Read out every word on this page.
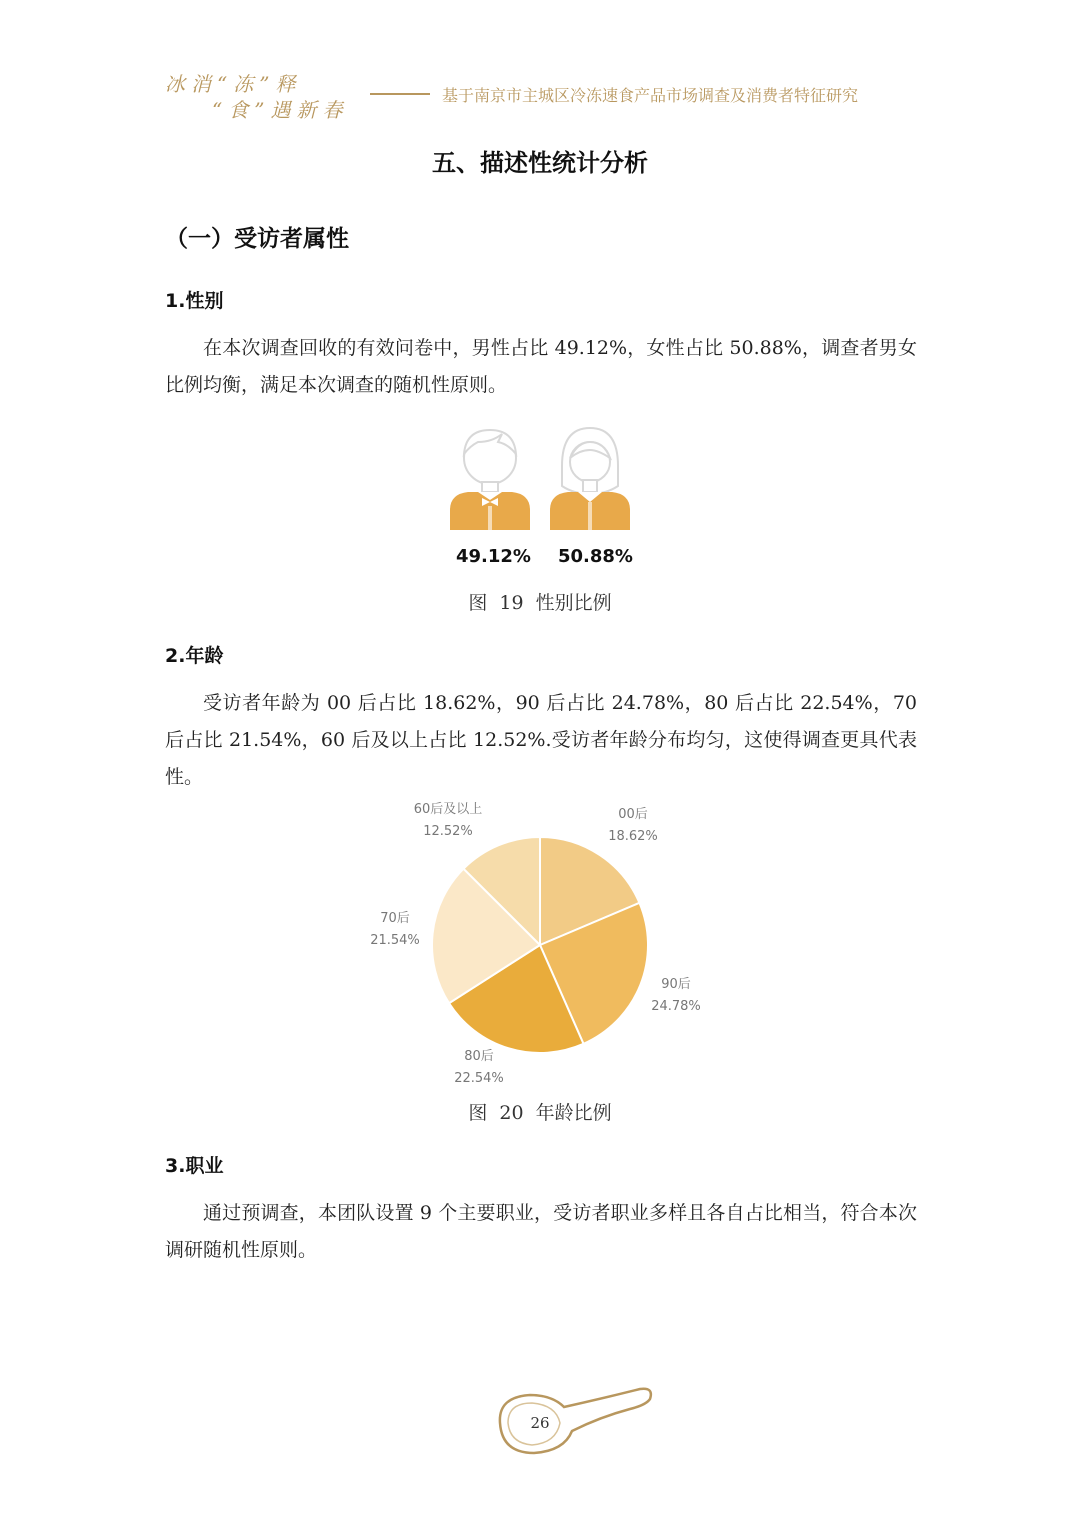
冰消“冻”释
“食”遇新春
基于南京市主城区冷冻速食产品市场调查及消费者特征研究
五、描述性统计分析
（一）受访者属性
1.性别
在本次调查回收的有效问卷中，男性占比 49.12%，女性占比 50.88%，调查者男女比例均衡，满足本次调查的随机性原则。
49.12% 50.88%
图 19 性别比例
2.年龄
受访者年龄为 00 后占比 18.62%，90 后占比 24.78%，80 后占比 22.54%，70 后占比 21.54%，60 后及以上占比 12.52%.受访者年龄分布均匀，这使得调查更具代表性。
00后
18.62%
90后
24.78%
80后
22.54%
70后
21.54%
60后及以上
12.52%
图 20 年龄比例
3.职业
通过预调查，本团队设置 9 个主要职业，受访者职业多样且各自占比相当，符合本次调研随机性原则。
26
